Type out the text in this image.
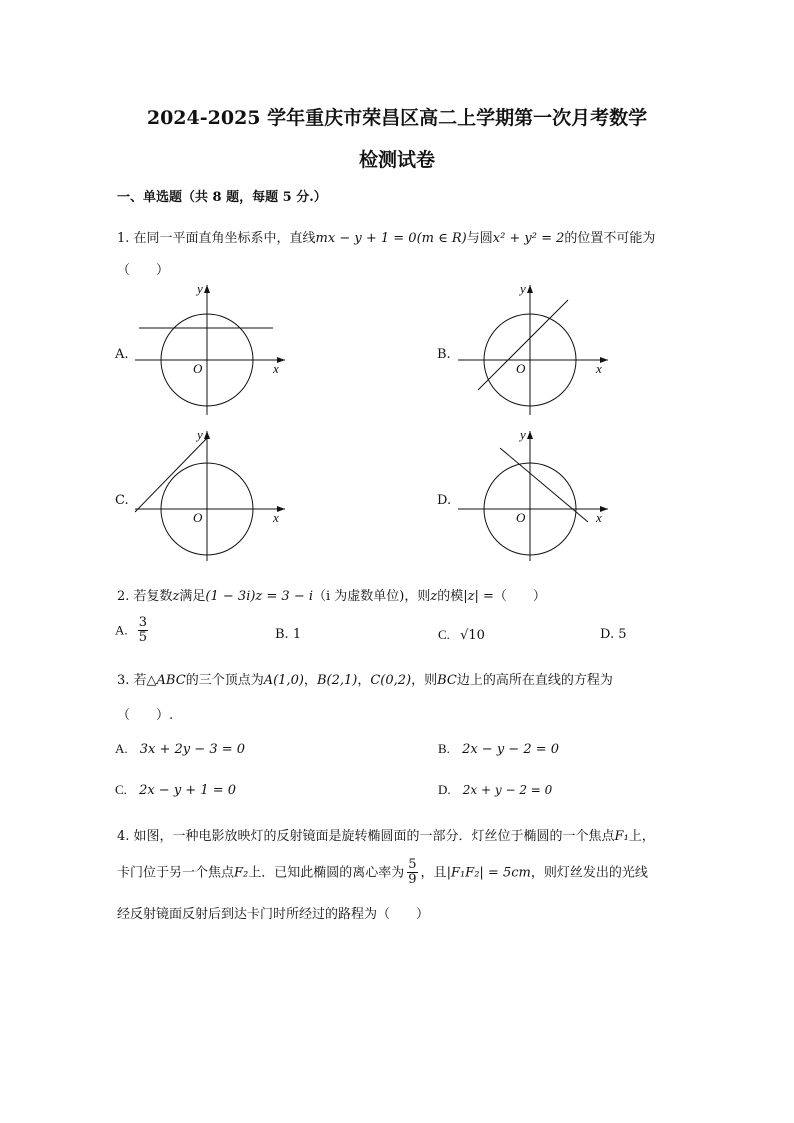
2024-2025 学年重庆市荣昌区高二上学期第一次月考数学
检测试卷
一、单选题（共 8 题，每题 5 分.）
1. 在同一平面直角坐标系中，直线mx − y + 1 = 0(m ∈ R)与圆x² + y² = 2的位置不可能为
（　　）
A.	B.
C.	D.
x
y
O	x
y
O
x
y
O	x
y
O
2. 若复数z满足(1 − 3i)z = 3 − i（i 为虚数单位)，则z的模|z| =（　　）
A. $\frac{3}{5}$	B. 1	C. √10	D. 5
3. 若△ABC的三个顶点为A(1,0)，B(2,1)，C(0,2)，则BC边上的高所在直线的方程为
（　　）.
A. 3x + 2y − 3 = 0	B. 2x − y − 2 = 0
C. 2x − y + 1 = 0	D. 2x + y − 2 = 0
4. 如图，一种电影放映灯的反射镜面是旋转椭圆面的一部分．灯丝位于椭圆的一个焦点F₁上，
卡门位于另一个焦点F₂上．已知此椭圆的离心率为 $\frac{5}{9}$ ，且|F₁F₂| = 5cm，则灯丝发出的光线
经反射镜面反射后到达卡门时所经过的路程为（　　）
